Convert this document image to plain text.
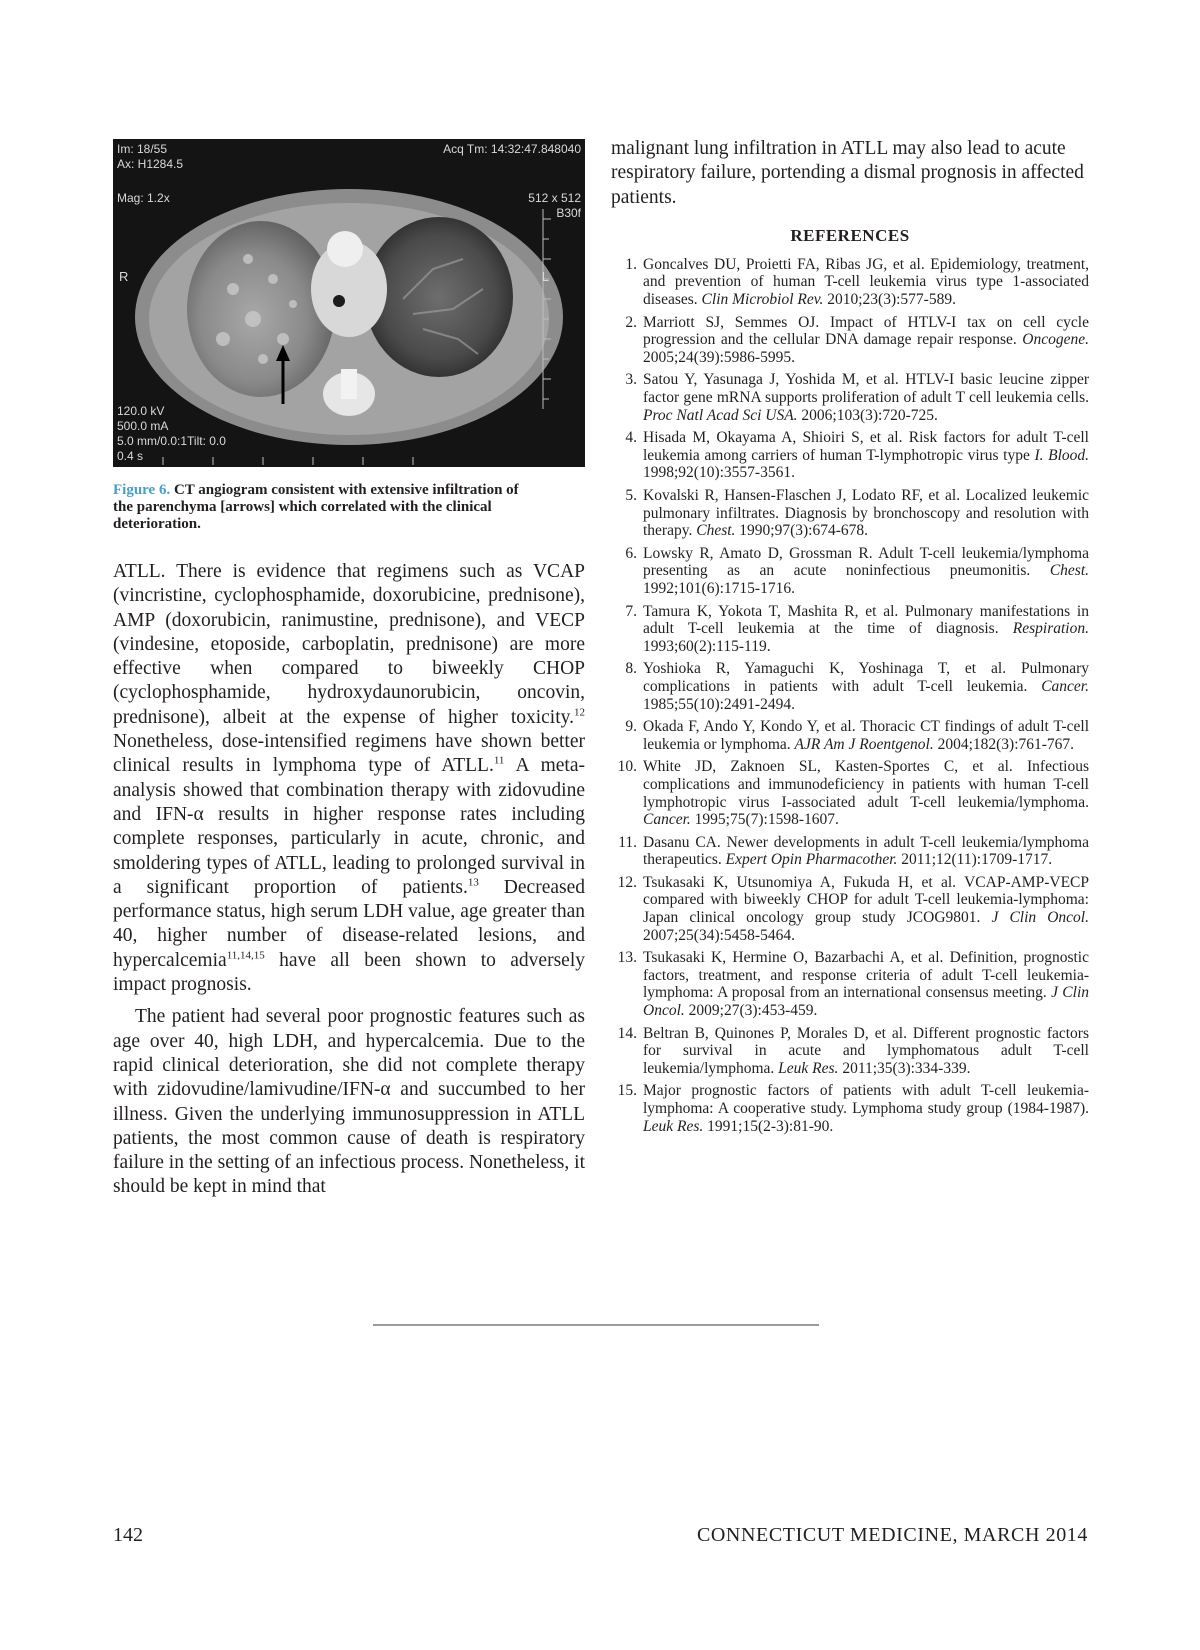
Im: 18/55
Ax: H1284.5
Acq Tm: 14:32:47.848040
Mag: 1.2x	512 x 512
B30f
R	L
120.0 kV
500.0 mA
5.0 mm/0.0:1Tilt: 0.0
0.4 s
Figure 6. CT angiogram consistent with extensive infiltration of the parenchyma [arrows] which correlated with the clinical deterioration.

ATLL. There is evidence that regimens such as VCAP (vincristine, cyclophosphamide, doxorubicine, prednisone), AMP (doxorubicin, ranimustine, prednisone), and VECP (vindesine, etoposide, carboplatin, prednisone) are more effective when compared to biweekly CHOP (cyclophosphamide, hydroxydaunorubicin, oncovin, prednisone), albeit at the expense of higher toxicity.$^{12}$ Nonetheless, dose-intensified regimens have shown better clinical results in lymphoma type of ATLL.$^{11}$ A meta-analysis showed that combination therapy with zidovudine and IFN-α results in higher response rates including complete responses, particularly in acute, chronic, and smoldering types of ATLL, leading to prolonged survival in a significant proportion of patients.$^{13}$ Decreased performance status, high serum LDH value, age greater than 40, higher number of disease-related lesions, and hypercalcemia$^{11,14,15}$ have all been shown to adversely impact prognosis.

The patient had several poor prognostic features such as age over 40, high LDH, and hypercalcemia. Due to the rapid clinical deterioration, she did not complete therapy with zidovudine/lamivudine/IFN-α and succumbed to her illness. Given the underlying immunosuppression in ATLL patients, the most common cause of death is respiratory failure in the setting of an infectious process. Nonetheless, it should be kept in mind that

malignant lung infiltration in ATLL may also lead to acute respiratory failure, portending a dismal prognosis in affected patients.

REFERENCES
1. Goncalves DU, Proietti FA, Ribas JG, et al. Epidemiology, treatment, and prevention of human T-cell leukemia virus type 1-associated diseases. Clin Microbiol Rev. 2010;23(3):577-589.
2. Marriott SJ, Semmes OJ. Impact of HTLV-I tax on cell cycle progression and the cellular DNA damage repair response. Oncogene. 2005;24(39):5986-5995.
3. Satou Y, Yasunaga J, Yoshida M, et al. HTLV-I basic leucine zipper factor gene mRNA supports proliferation of adult T cell leukemia cells. Proc Natl Acad Sci USA. 2006;103(3):720-725.
4. Hisada M, Okayama A, Shioiri S, et al. Risk factors for adult T-cell leukemia among carriers of human T-lymphotropic virus type I. Blood. 1998;92(10):3557-3561.
5. Kovalski R, Hansen-Flaschen J, Lodato RF, et al. Localized leukemic pulmonary infiltrates. Diagnosis by bronchoscopy and resolution with therapy. Chest. 1990;97(3):674-678.
6. Lowsky R, Amato D, Grossman R. Adult T-cell leukemia/lymphoma presenting as an acute noninfectious pneumonitis. Chest. 1992;101(6):1715-1716.
7. Tamura K, Yokota T, Mashita R, et al. Pulmonary manifestations in adult T-cell leukemia at the time of diagnosis. Respiration. 1993;60(2):115-119.
8. Yoshioka R, Yamaguchi K, Yoshinaga T, et al. Pulmonary complications in patients with adult T-cell leukemia. Cancer. 1985;55(10):2491-2494.
9. Okada F, Ando Y, Kondo Y, et al. Thoracic CT findings of adult T-cell leukemia or lymphoma. AJR Am J Roentgenol. 2004;182(3):761-767.
10. White JD, Zaknoen SL, Kasten-Sportes C, et al. Infectious complications and immunodeficiency in patients with human T-cell lymphotropic virus I-associated adult T-cell leukemia/lymphoma. Cancer. 1995;75(7):1598-1607.
11. Dasanu CA. Newer developments in adult T-cell leukemia/lymphoma therapeutics. Expert Opin Pharmacother. 2011;12(11):1709-1717.
12. Tsukasaki K, Utsunomiya A, Fukuda H, et al. VCAP-AMP-VECP compared with biweekly CHOP for adult T-cell leukemia-lymphoma: Japan clinical oncology group study JCOG9801. J Clin Oncol. 2007;25(34):5458-5464.
13. Tsukasaki K, Hermine O, Bazarbachi A, et al. Definition, prognostic factors, treatment, and response criteria of adult T-cell leukemia-lymphoma: A proposal from an international consensus meeting. J Clin Oncol. 2009;27(3):453-459.
14. Beltran B, Quinones P, Morales D, et al. Different prognostic factors for survival in acute and lymphomatous adult T-cell leukemia/lymphoma. Leuk Res. 2011;35(3):334-339.
15. Major prognostic factors of patients with adult T-cell leukemia-lymphoma: A cooperative study. Lymphoma study group (1984-1987). Leuk Res. 1991;15(2-3):81-90.
142	CONNECTICUT MEDICINE, MARCH 2014
